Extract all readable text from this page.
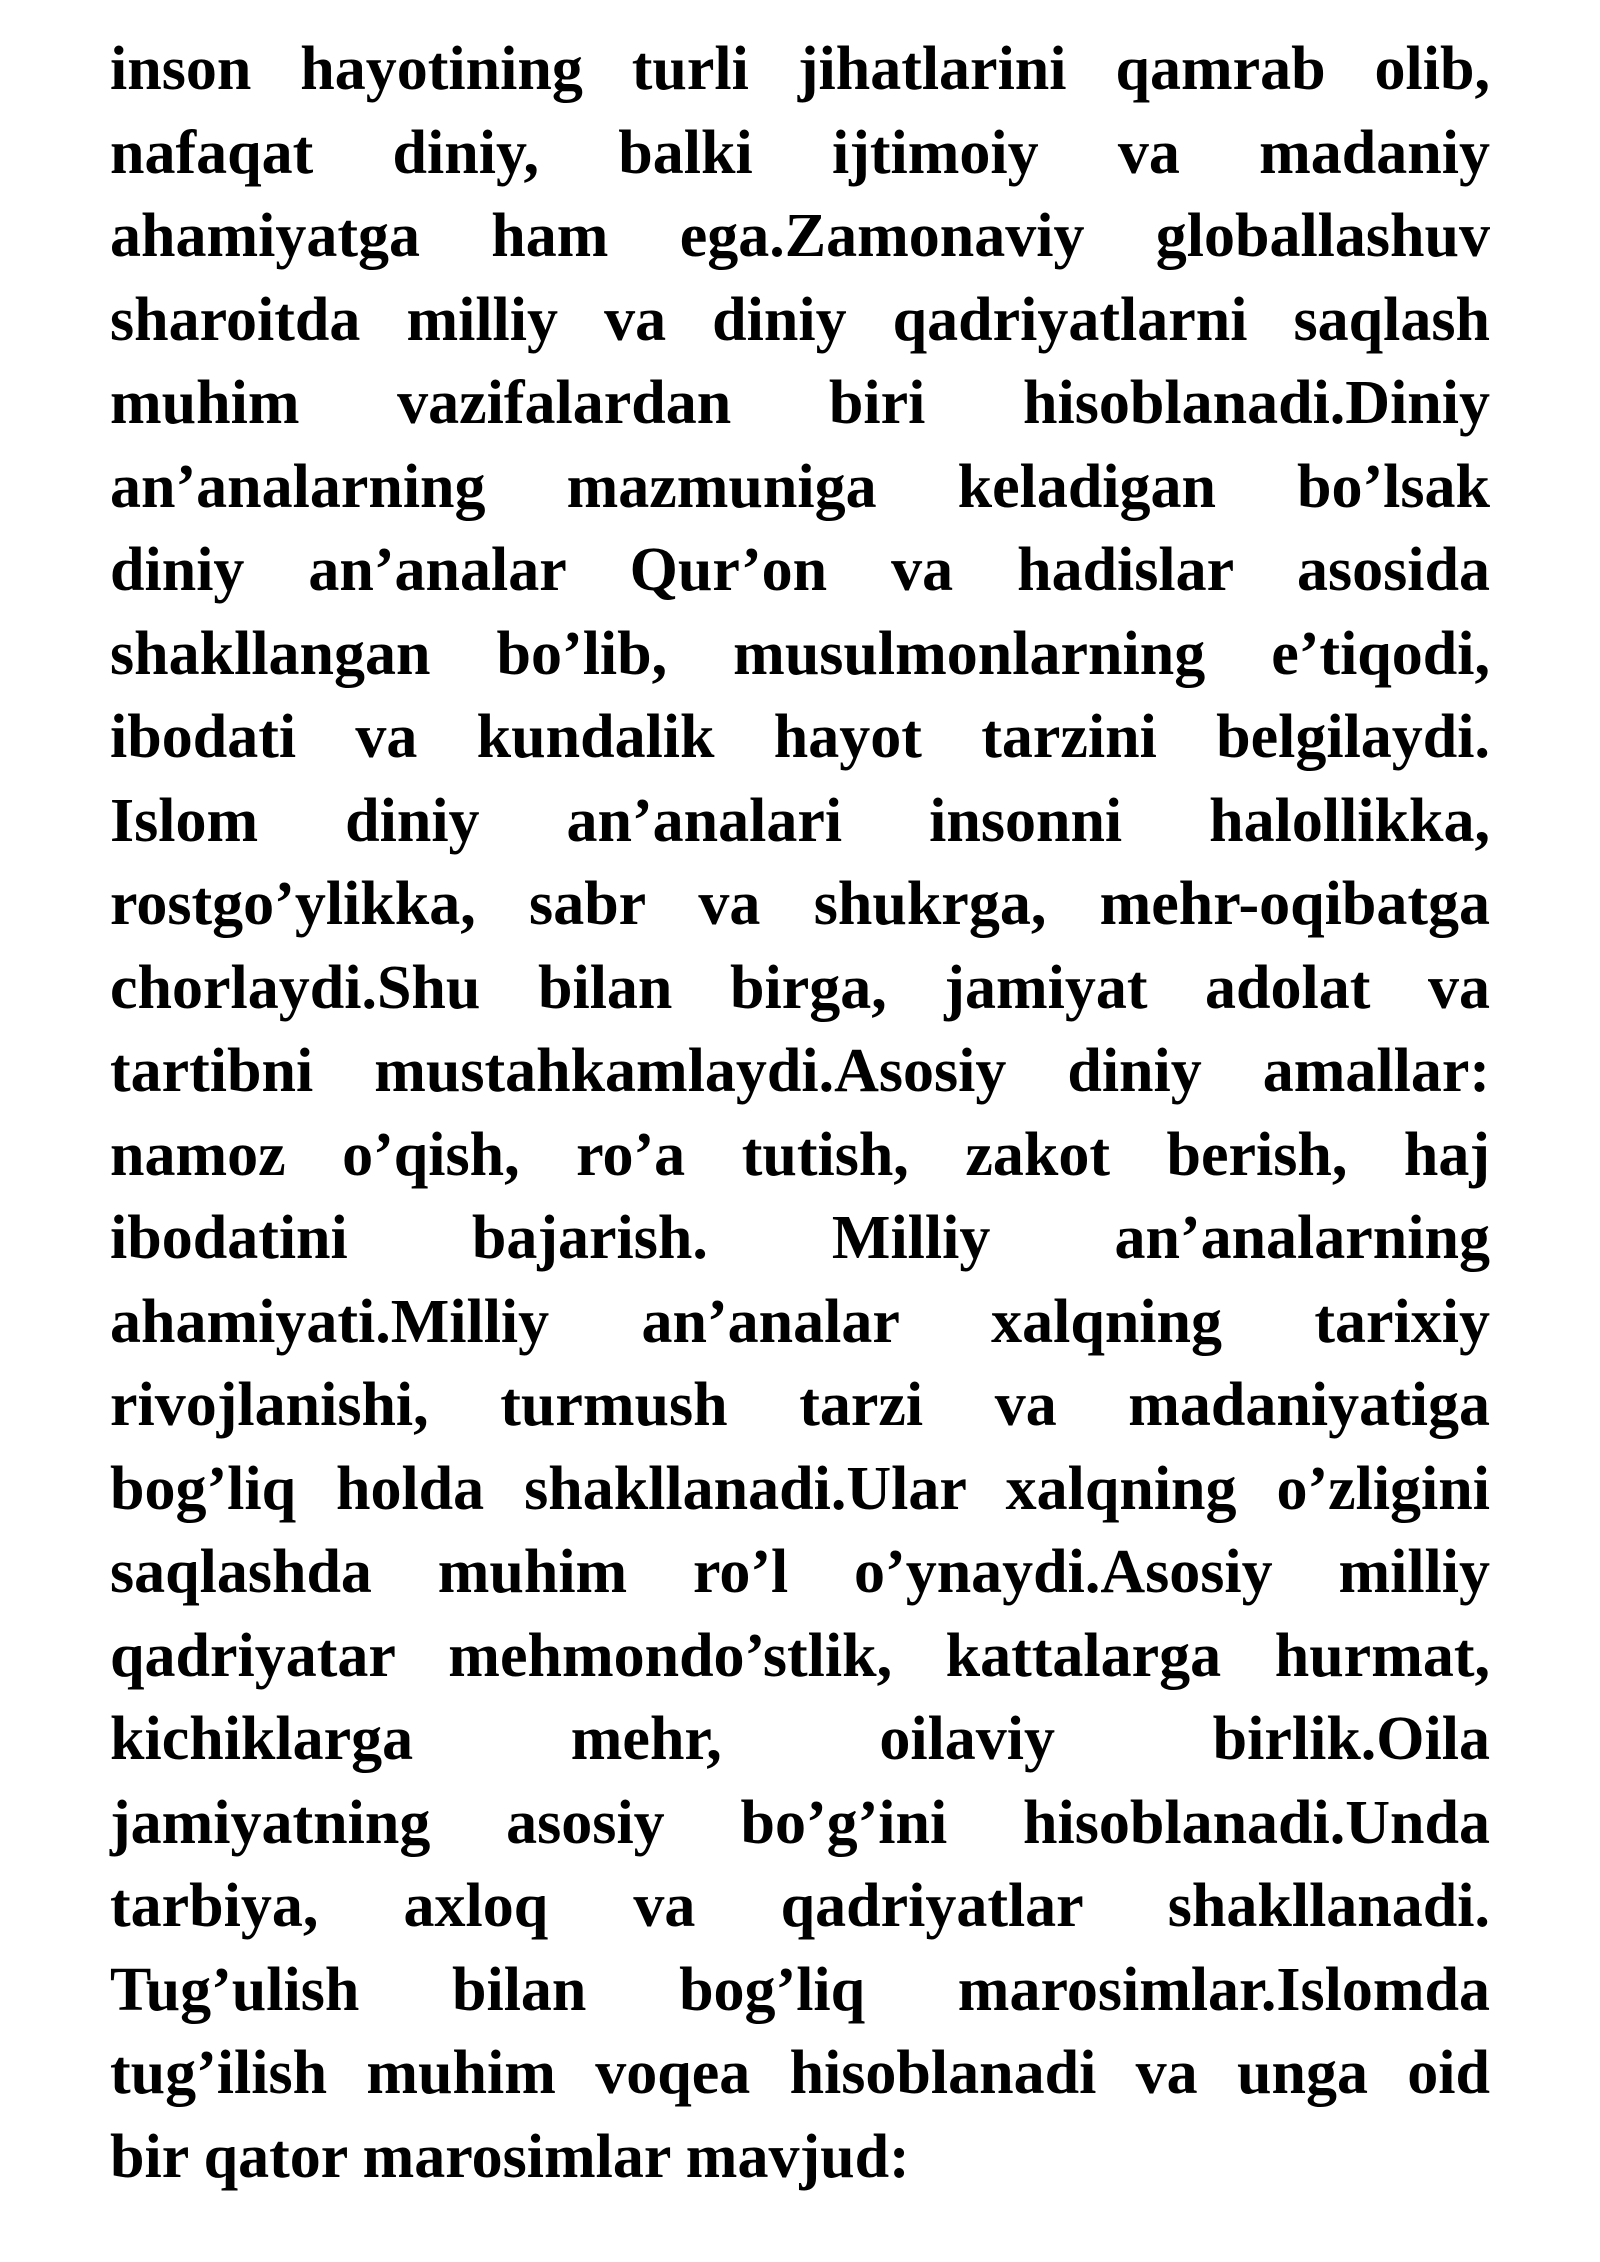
inson hayotining turli jihatlarini qamrab olib,
nafaqat diniy, balki ijtimoiy va madaniy
ahamiyatga ham ega.Zamonaviy globallashuv
sharoitda milliy va diniy qadriyatlarni saqlash
muhim vazifalardan biri hisoblanadi.Diniy
an’analarning mazmuniga keladigan bo’lsak
diniy an’analar Qur’on va hadislar asosida
shakllangan bo’lib, musulmonlarning e’tiqodi,
ibodati va kundalik hayot tarzini belgilaydi.
Islom diniy an’analari insonni halollikka,
rostgo’ylikka, sabr va shukrga, mehr-oqibatga
chorlaydi.Shu bilan birga, jamiyat adolat va
tartibni mustahkamlaydi.Asosiy diniy amallar:
namoz o’qish, ro’a tutish, zakot berish, haj
ibodatini bajarish. Milliy an’analarning
ahamiyati.Milliy an’analar xalqning tarixiy
rivojlanishi, turmush tarzi va madaniyatiga
bog’liq holda shakllanadi.Ular xalqning o’zligini
saqlashda muhim ro’l o’ynaydi.Asosiy milliy
qadriyatar mehmondo’stlik, kattalarga hurmat,
kichiklarga mehr, oilaviy birlik.Oila
jamiyatning asosiy bo’g’ini hisoblanadi.Unda
tarbiya, axloq va qadriyatlar shakllanadi.
Tug’ulish bilan bog’liq marosimlar.Islomda
tug’ilish muhim voqea hisoblanadi va unga oid
bir qator marosimlar mavjud:
